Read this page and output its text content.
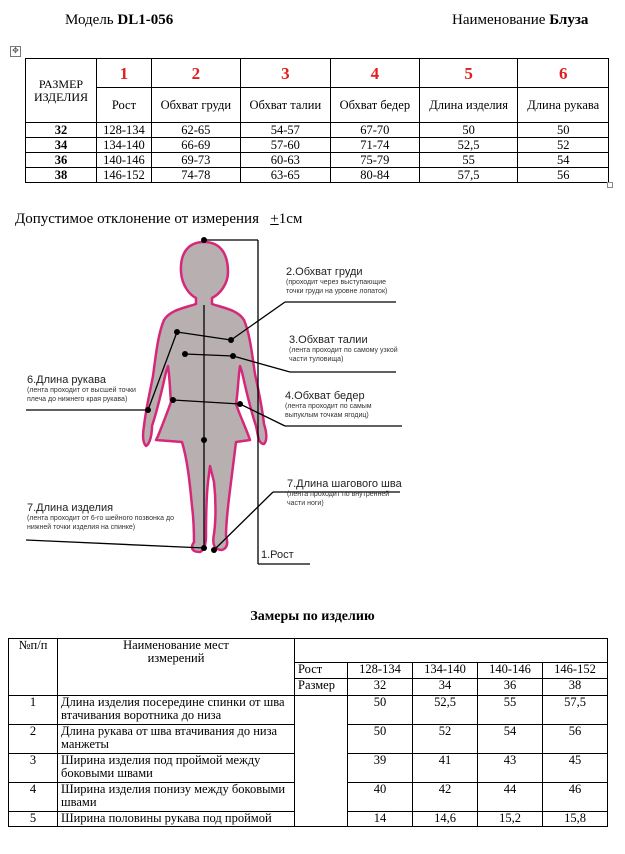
Модель DL1-056	Наименование Блуза
✥
РАЗМЕР ИЗДЕЛИЯ	1	2	3	4	5	6
	Рост	Обхват груди	Обхват талии	Обхват бедер	Длина изделия	Длина рукава
32	128-134	62-65	54-57	67-70	50	50
34	134-140	66-69	57-60	71-74	52,5	52
36	140-146	69-73	60-63	75-79	55	54
38	146-152	74-78	63-65	80-84	57,5	56
Допустимое отклонение от измерения +1см
2.Обхват груди
(проходит через выступающие точки груди на уровне лопаток)
3.Обхват талии
(лента проходит по самому узкой части туловища)
6.Длина рукава
(лента проходит от высшей точки плеча до нижнего края рукава)	4.Обхват бедер
(лента проходит по самым выпуклым точкам ягодиц)
7.Длина шагового шва
(лента проходит по внутренней части ноги)
7.Длина изделия
(лента проходит от 6-го шейного позвонка до нижней точки изделия на спинке)
1.Рост
Замеры по изделию
№п/п	Наименование мест измерений					

		Рост	128-134	134-140	140-146	146-152
		Размер	32	34	36	38
1	Длина изделия посередине спинки от шва втачивания воротника до низа		50	52,5	55	57,5
2	Длина рукава от шва втачивания до низа манжеты		50	52	54	56
3	Ширина изделия под проймой между боковыми швами		39	41	43	45
4	Ширина изделия понизу между боковыми швами		40	42	44	46
5	Ширина половины рукава под проймой		14	14,6	15,2	15,8
